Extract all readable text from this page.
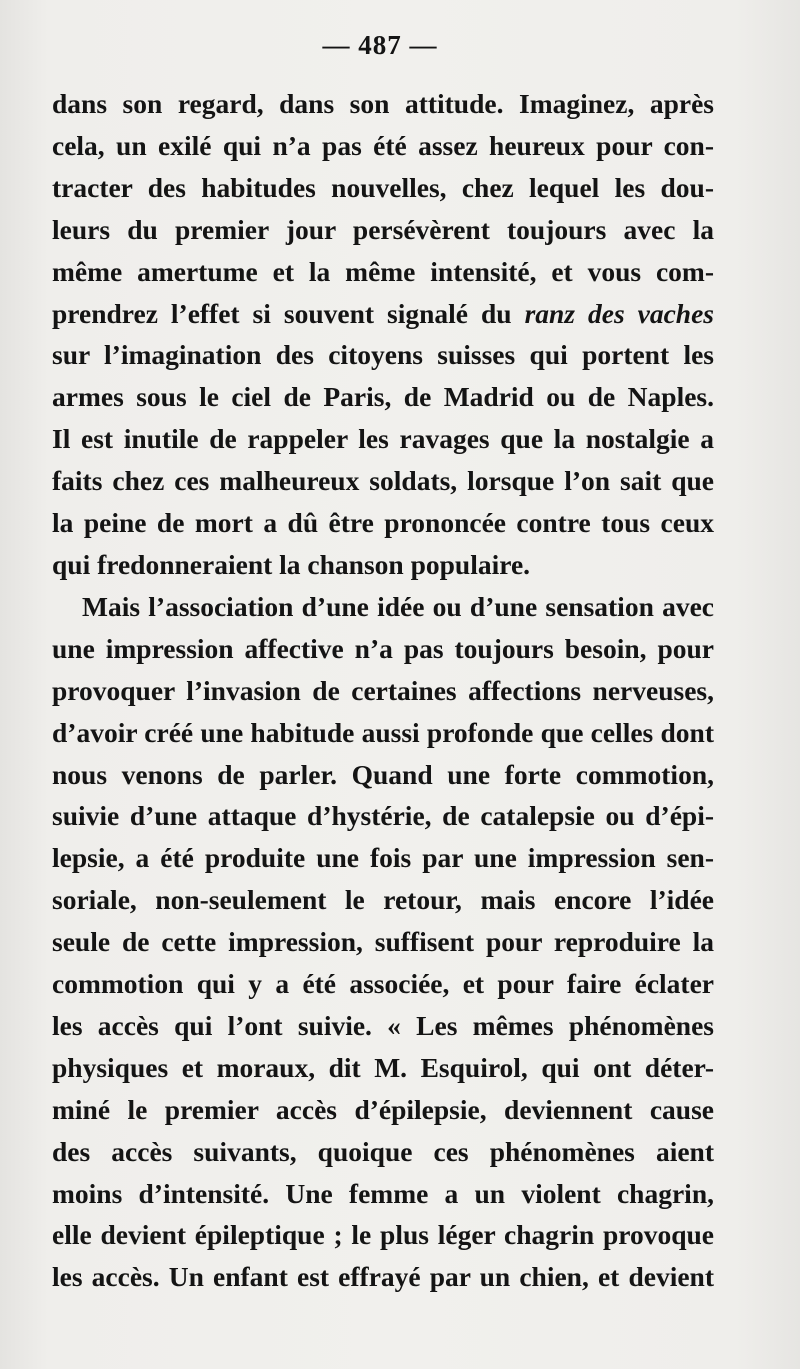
— 487 —
dans son regard, dans son attitude. Imaginez, après
cela, un exilé qui n’a pas été assez heureux pour con-
tracter des habitudes nouvelles, chez lequel les dou-
leurs du premier jour persévèrent toujours avec la
même amertume et la même intensité, et vous com-
prendrez l’effet si souvent signalé du ranz des vaches
sur l’imagination des citoyens suisses qui portent les
armes sous le ciel de Paris, de Madrid ou de Naples.
Il est inutile de rappeler les ravages que la nostalgie a
faits chez ces malheureux soldats, lorsque l’on sait que
la peine de mort a dû être prononcée contre tous ceux
qui fredonneraient la chanson populaire.
Mais l’association d’une idée ou d’une sensation avec
une impression affective n’a pas toujours besoin, pour
provoquer l’invasion de certaines affections nerveuses,
d’avoir créé une habitude aussi profonde que celles dont
nous venons de parler. Quand une forte commotion,
suivie d’une attaque d’hystérie, de catalepsie ou d’épi-
lepsie, a été produite une fois par une impression sen-
soriale, non-seulement le retour, mais encore l’idée
seule de cette impression, suffisent pour reproduire la
commotion qui y a été associée, et pour faire éclater
les accès qui l’ont suivie. « Les mêmes phénomènes
physiques et moraux, dit M. Esquirol, qui ont déter-
miné le premier accès d’épilepsie, deviennent cause
des accès suivants, quoique ces phénomènes aient
moins d’intensité. Une femme a un violent chagrin,
elle devient épileptique ; le plus léger chagrin provoque
les accès. Un enfant est effrayé par un chien, et devient
